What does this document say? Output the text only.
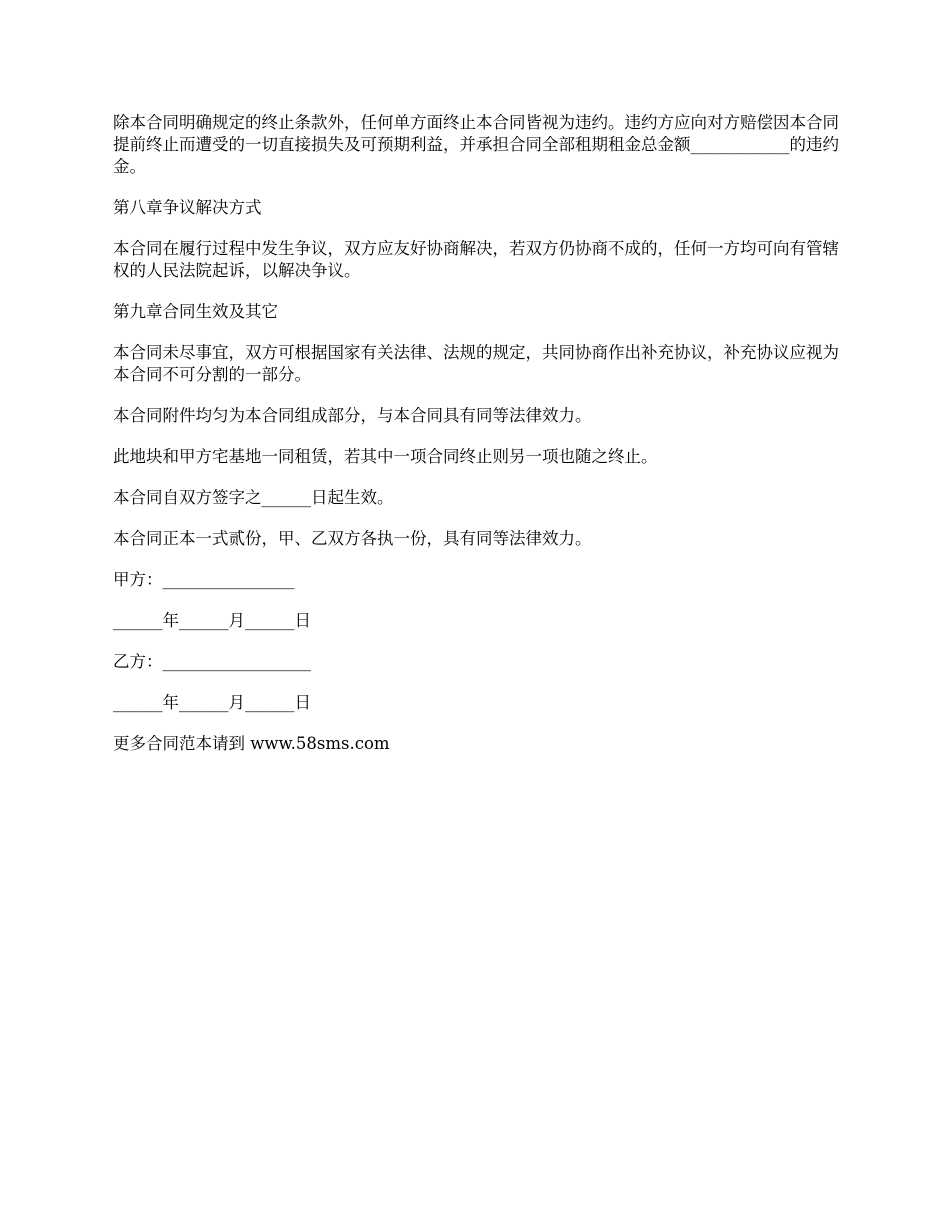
除本合同明确规定的终止条款外，任何单方面终止本合同皆视为违约。违约方应向对方赔偿因本合同提前终止而遭受的一切直接损失及可预期利益，并承担合同全部租期租金总金额____________的违约金。

第八章争议解决方式

本合同在履行过程中发生争议，双方应友好协商解决，若双方仍协商不成的，任何一方均可向有管辖权的人民法院起诉，以解决争议。

第九章合同生效及其它

本合同未尽事宜，双方可根据国家有关法律、法规的规定，共同协商作出补充协议，补充协议应视为本合同不可分割的一部分。

本合同附件均匀为本合同组成部分，与本合同具有同等法律效力。

此地块和甲方宅基地一同租赁，若其中一项合同终止则另一项也随之终止。

本合同自双方签字之______日起生效。

本合同正本一式贰份，甲、乙双方各执一份，具有同等法律效力。

甲方：________________

______年______月______日

乙方：__________________

______年______月______日

更多合同范本请到 www.58sms.com
